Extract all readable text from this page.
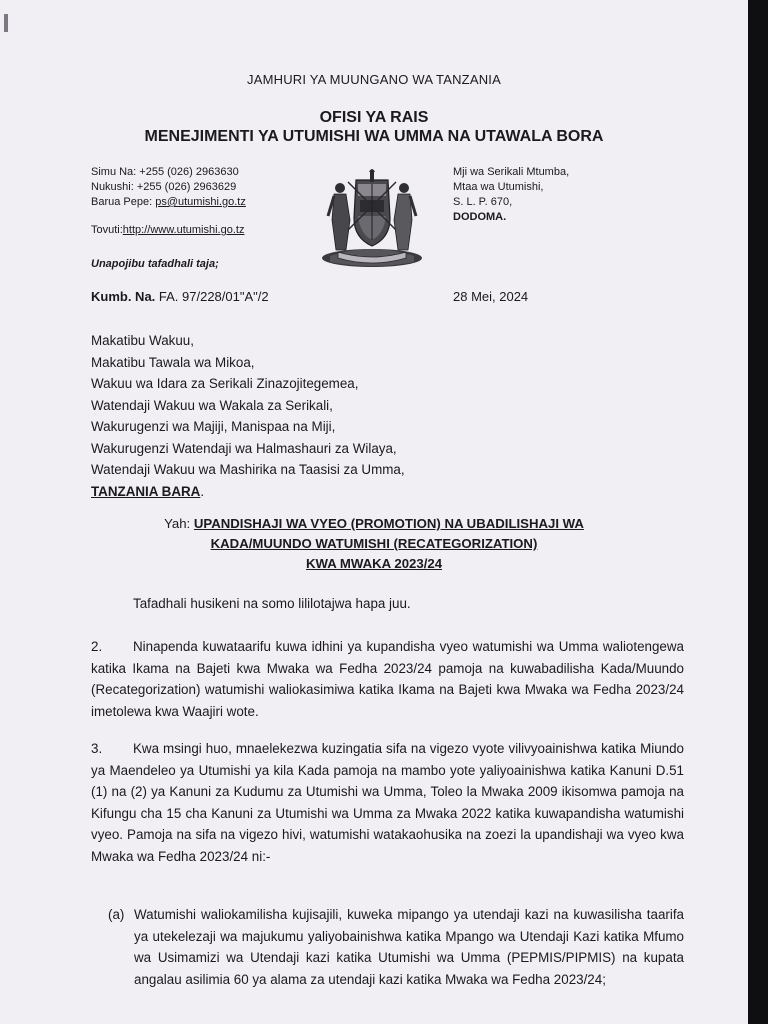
JAMHURI YA MUUNGANO WA TANZANIA

OFISI YA RAIS

MENEJIMENTI YA UTUMISHI WA UMMA NA UTAWALA BORA

Simu Na: +255 (026) 2963630
Nukushi: +255 (026) 2963629
Barua Pepe: ps@utumishi.go.tz
Tovuti:http://www.utumishi.go.tz
Mji wa Serikali Mtumba,
Mtaa wa Utumishi,
S. L. P. 670,
DODOMA.

Unapojibu tafadhali taja;

Kumb. Na. FA. 97/228/01"A"/2	28 Mei, 2024

Makatibu Wakuu,
Makatibu Tawala wa Mikoa,
Wakuu wa Idara za Serikali Zinazojitegemea,
Watendaji Wakuu wa Wakala za Serikali,
Wakurugenzi wa Majiji, Manispaa na Miji,
Wakurugenzi Watendaji wa Halmashauri za Wilaya,
Watendaji Wakuu wa Mashirika na Taasisi za Umma,
TANZANIA BARA.
Yah: UPANDISHAJI WA VYEO (PROMOTION) NA UBADILISHAJI WA
KADA/MUUNDO WATUMISHI (RECATEGORIZATION)
KWA MWAKA 2023/24

Tafadhali husikeni na somo lililotajwa hapa juu.

2. Ninapenda kuwataarifu kuwa idhini ya kupandisha vyeo watumishi wa Umma waliotengewa katika Ikama na Bajeti kwa Mwaka wa Fedha 2023/24 pamoja na kuwabadilisha Kada/Muundo (Recategorization) watumishi waliokasimiwa katika Ikama na Bajeti kwa Mwaka wa Fedha 2023/24 imetolewa kwa Waajiri wote.

3. Kwa msingi huo, mnaelekezwa kuzingatia sifa na vigezo vyote vilivyoainishwa katika Miundo ya Maendeleo ya Utumishi ya kila Kada pamoja na mambo yote yaliyoainishwa katika Kanuni D.51 (1) na (2) ya Kanuni za Kudumu za Utumishi wa Umma, Toleo la Mwaka 2009 ikisomwa pamoja na Kifungu cha 15 cha Kanuni za Utumishi wa Umma za Mwaka 2022 katika kuwapandisha watumishi vyeo. Pamoja na sifa na vigezo hivi, watumishi watakaohusika na zoezi la upandishaji wa vyeo kwa Mwaka wa Fedha 2023/24 ni:-

(a) Watumishi waliokamilisha kujisajili, kuweka mipango ya utendaji kazi na kuwasilisha taarifa ya utekelezaji wa majukumu yaliyobainishwa katika Mpango wa Utendaji Kazi katika Mfumo wa Usimamizi wa Utendaji kazi katika Utumishi wa Umma (PEPMIS/PIPMIS) na kupata angalau asilimia 60 ya alama za utendaji kazi katika Mwaka wa Fedha 2023/24;
